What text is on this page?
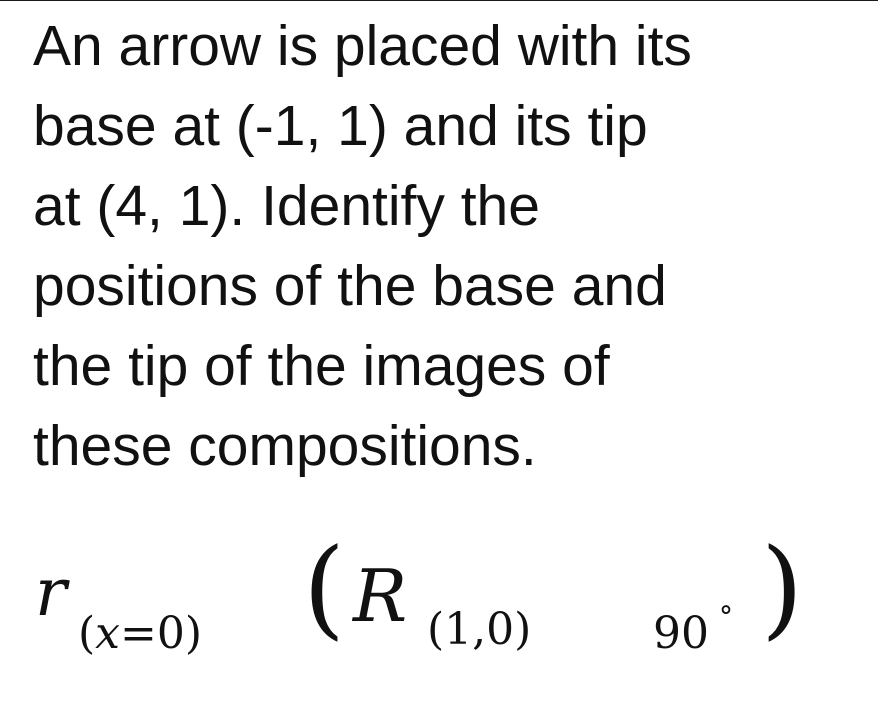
An arrow is placed with its
base at (-1, 1) and its tip
at (4, 1). Identify the
positions of the base and
the tip of the images of
these compositions.
r
(x=0) ( R (1,0)	90 ° )
